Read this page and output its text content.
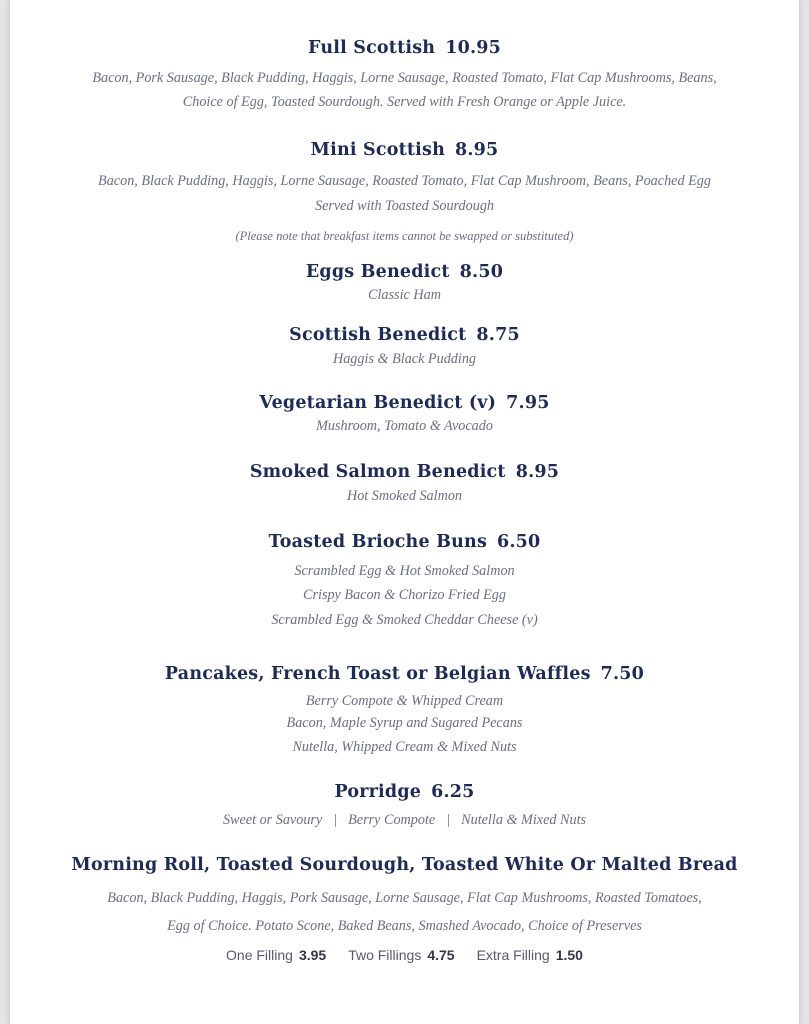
Full Scottish 10.95
Bacon, Pork Sausage, Black Pudding, Haggis, Lorne Sausage, Roasted Tomato, Flat Cap Mushrooms, Beans,
Choice of Egg, Toasted Sourdough. Served with Fresh Orange or Apple Juice.
Mini Scottish 8.95
Bacon, Black Pudding, Haggis, Lorne Sausage, Roasted Tomato, Flat Cap Mushroom, Beans, Poached Egg
Served with Toasted Sourdough
(Please note that breakfast items cannot be swapped or substituted)
Eggs Benedict 8.50
Classic Ham
Scottish Benedict 8.75
Haggis & Black Pudding
Vegetarian Benedict (v) 7.95
Mushroom, Tomato & Avocado
Smoked Salmon Benedict 8.95
Hot Smoked Salmon
Toasted Brioche Buns 6.50
Scrambled Egg & Hot Smoked Salmon
Crispy Bacon & Chorizo Fried Egg
Scrambled Egg & Smoked Cheddar Cheese (v)
Pancakes, French Toast or Belgian Waffles 7.50
Berry Compote & Whipped Cream
Bacon, Maple Syrup and Sugared Pecans
Nutella, Whipped Cream & Mixed Nuts
Porridge 6.25
Sweet or Savoury | Berry Compote | Nutella & Mixed Nuts
Morning Roll, Toasted Sourdough, Toasted White Or Malted Bread
Bacon, Black Pudding, Haggis, Pork Sausage, Lorne Sausage, Flat Cap Mushrooms, Roasted Tomatoes,
Egg of Choice. Potato Scone, Baked Beans, Smashed Avocado, Choice of Preserves
One Filling 3.95 Two Fillings 4.75 Extra Filling 1.50
